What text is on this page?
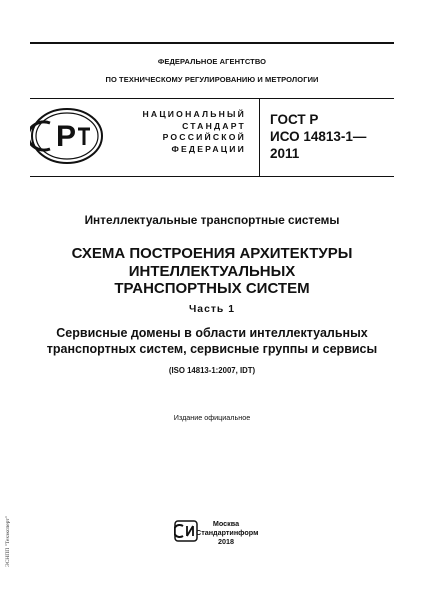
ФЕДЕРАЛЬНОЕ АГЕНТСТВО
ПО ТЕХНИЧЕСКОМУ РЕГУЛИРОВАНИЮ И МЕТРОЛОГИИ
Р
НАЦИОНАЛЬНЫЙ
СТАНДАРТ
РОССИЙСКОЙ
ФЕДЕРАЦИИ
ГОСТ Р
ИСО 14813-1—
2011
Интеллектуальные транспортные системы
СХЕМА ПОСТРОЕНИЯ АРХИТЕКТУРЫ
ИНТЕЛЛЕКТУАЛЬНЫХ
ТРАНСПОРТНЫХ СИСТЕМ
Часть 1
Сервисные домены в области интеллектуальных
транспортных систем, сервисные группы и сервисы
(ISO 14813-1:2007, IDT)
Издание официальное
Москва
Стандартинформ
2018
ЭСНПП "Техэксперт"
